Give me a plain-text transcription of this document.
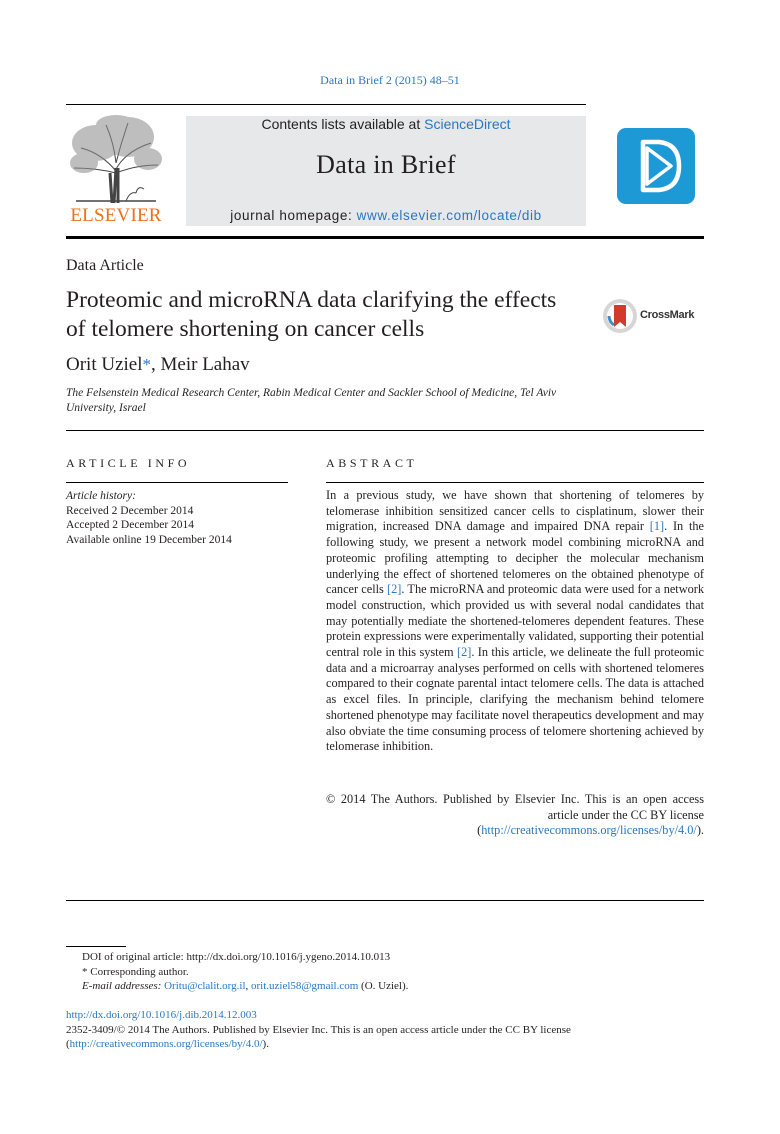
Data in Brief 2 (2015) 48–51
ELSEVIER
Contents lists available at ScienceDirect
Data in Brief
journal homepage: www.elsevier.com/locate/dib
Data Article
Proteomic and microRNA data clarifying the effects of telomere shortening on cancer cells
CrossMark
Orit Uziel*, Meir Lahav
The Felsenstein Medical Research Center, Rabin Medical Center and Sackler School of Medicine, Tel Aviv University, Israel
ARTICLE INFO
Article history:
Received 2 December 2014
Accepted 2 December 2014
Available online 19 December 2014
ABSTRACT
In a previous study, we have shown that shortening of telomeres by telomerase inhibition sensitized cancer cells to cisplatinum, slower their migration, increased DNA damage and impaired DNA repair [1]. In the following study, we present a network model combining microRNA and proteomic profiling attempting to decipher the molecular mechanism underlying the effect of shortened telomeres on the obtained phenotype of cancer cells [2]. The microRNA and proteomic data were used for a network model construction, which provided us with several nodal candidates that may potentially mediate the shortened-telomeres dependent features. These protein expressions were experimentally validated, supporting their potential central role in this system [2]. In this article, we delineate the full proteomic data and a microarray analyses performed on cells with shortened telomeres compared to their cognate parental intact telomere cells. The data is attached as excel files. In principle, clarifying the mechanism behind telomere shortened phenotype may facilitate novel therapeutics development and may also obviate the time consuming process of telomere shortening achieved by telomerase inhibition.
© 2014 The Authors. Published by Elsevier Inc. This is an open access
article under the CC BY license
(http://creativecommons.org/licenses/by/4.0/).
DOI of original article: http://dx.doi.org/10.1016/j.ygeno.2014.10.013
* Corresponding author.
E-mail addresses: Oritu@clalit.org.il, orit.uziel58@gmail.com (O. Uziel).
http://dx.doi.org/10.1016/j.dib.2014.12.003
2352-3409/© 2014 The Authors. Published by Elsevier Inc. This is an open access article under the CC BY license
(http://creativecommons.org/licenses/by/4.0/).
